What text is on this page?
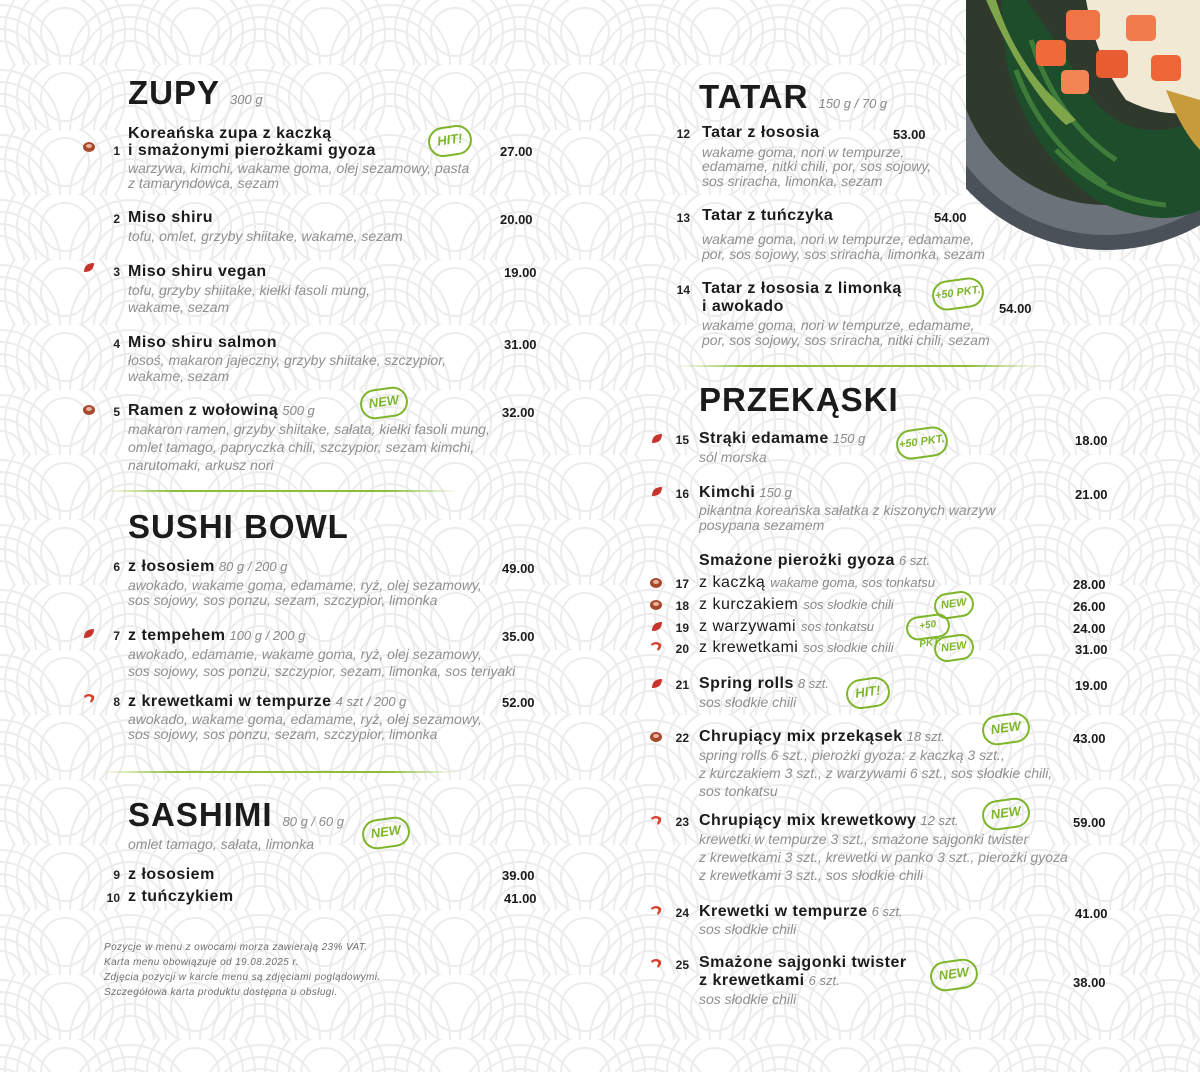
ZUPY 300 g
1
Koreańska zupa z kaczką
i smażonymi pierożkami gyoza	27.00
warzywa, kimchi, wakame goma, olej sezamowy, pasta
z tamaryndowca, sezam
HIT!
2 Miso shiru	20.00
tofu, omlet, grzyby shiitake, wakame, sezam
3 Miso shiru vegan	19.00
tofu, grzyby shiitake, kiełki fasoli mung,
wakame, sezam
4 Miso shiru salmon	31.00
łosoś, makaron jajeczny, grzyby shiitake, szczypior,
wakame, sezam
5 Ramen z wołowiną 500 g	32.00
makaron ramen, grzyby shiitake, sałata, kiełki fasoli mung,
omlet tamago, papryczka chili, szczypior, sezam kimchi,
narutomaki, arkusz nori
NEW
SUSHI BOWL
6 z łososiem 80 g / 200 g	49.00
awokado, wakame goma, edamame, ryż, olej sezamowy,
sos sojowy, sos ponzu, sezam, szczypior, limonka
7 z tempehem 100 g / 200 g	35.00
awokado, edamame, wakame goma, ryż, olej sezamowy,
sos sojowy, sos ponzu, szczypior, sezam, limonka, sos teriyaki
8 z krewetkami w tempurze 4 szt / 200 g	52.00
awokado, wakame goma, edamame, ryż, olej sezamowy,
sos sojowy, sos ponzu, sezam, szczypior, limonka
SASHIMI 80 g / 60 g
omlet tamago, sałata, limonka
NEW
9 z łososiem	39.00
10 z tuńczykiem	41.00
Pozycje w menu z owocami morza zawierają 23% VAT.
Karta menu obowiązuje od 19.08.2025 r.
Zdjęcia pozycji w karcie menu są zdjęciami poglądowymi.
Szczegółowa karta produktu dostępna u obsługi.
TATAR 150 g / 70 g
12 Tatar z łososia	53.00
wakame goma, nori w tempurze,
edamame, nitki chili, por, sos sojowy,
sos sriracha, limonka, sezam
13 Tatar z tuńczyka	54.00
wakame goma, nori w tempurze, edamame,
por, sos sojowy, sos sriracha, limonka, sezam
14 Tatar z łososia z limonką
i awokado	54.00
wakame goma, nori w tempurze, edamame,
por, sos sojowy, sos sriracha, nitki chili, sezam
+50 PKT.
PRZEKĄSKI
15 Strąki edamame 150 g	18.00
sól morska
+50 PKT.
16 Kimchi 150 g	21.00
pikantna koreańska sałatka z kiszonych warzyw
posypana sezamem
Smażone pierożki gyoza 6 szt.
17 z kaczką wakame goma, sos tonkatsu	28.00
18 z kurczakiem sos słodkie chili	26.00
NEW
19 z warzywami sos tonkatsu	24.00
+50 PKT.
20 z krewetkami sos słodkie chili	31.00
NEW
21 Spring rolls 8 szt.	19.00
sos słodkie chili
HIT!
22 Chrupiący mix przekąsek 18 szt.	43.00
spring rolls 6 szt., pierożki gyoza: z kaczką 3 szt.,
z kurczakiem 3 szt., z warzywami 6 szt., sos słodkie chili,
sos tonkatsu
NEW
23 Chrupiący mix krewetkowy 12 szt.	59.00
krewetki w tempurze 3 szt., smażone sajgonki twister
z krewetkami 3 szt., krewetki w panko 3 szt., pierożki gyoza
z krewetkami 3 szt., sos słodkie chili
NEW
24 Krewetki w tempurze 6 szt.	41.00
sos słodkie chili
25 Smażone sajgonki twister
z krewetkami 6 szt.	38.00
sos słodkie chili
NEW
